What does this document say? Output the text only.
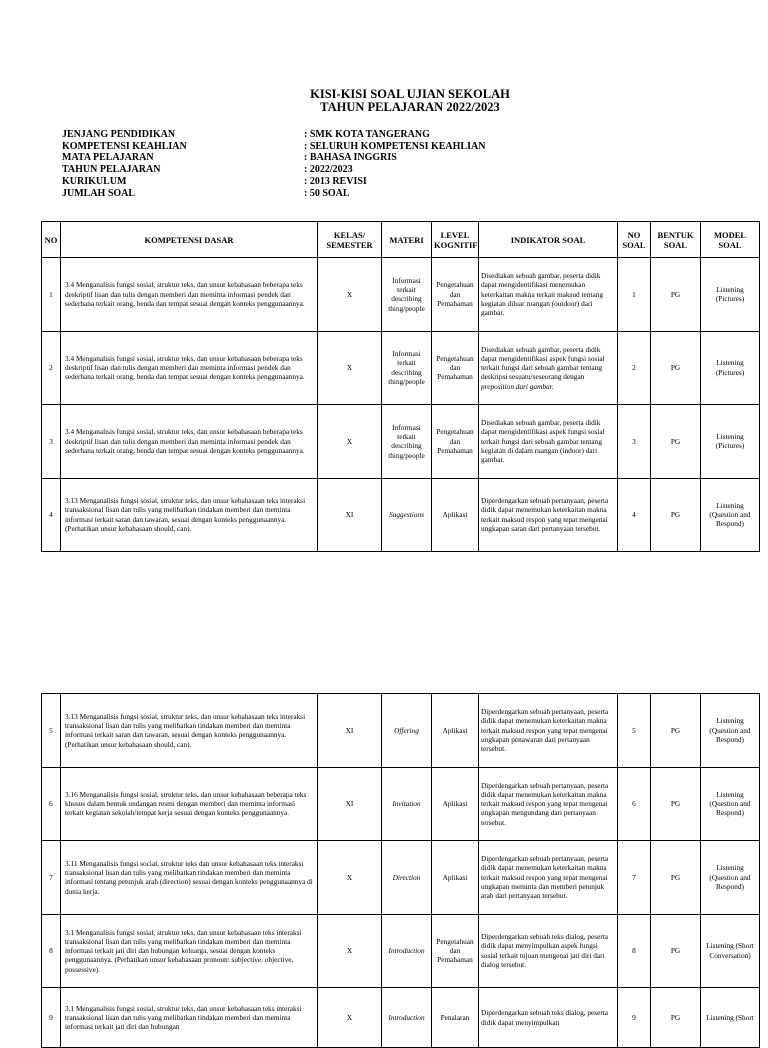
KISI-KISI SOAL UJIAN SEKOLAH
TAHUN PELAJARAN 2022/2023
JENJANG PENDIDIKAN	: SMK KOTA TANGERANG
KOMPETENSI KEAHLIAN	: SELURUH KOMPETENSI KEAHLIAN
MATA PELAJARAN	: BAHASA INGGRIS
TAHUN PELAJARAN	: 2022/2023
KURIKULUM	: 2013 REVISI
JUMLAH SOAL	: 50 SOAL
NO	KOMPETENSI DASAR	KELAS/ SEMESTER	MATERI	LEVEL KOGNITIF	INDIKATOR SOAL	NO SOAL	BENTUK SOAL	MODEL SOAL
1	3.4 Menganalisis fungsi sosial, struktur teks, dan unsur kebahasaan beberapa teks deskriptif lisan dan tulis dengan memberi dan meminta informasi pendek dan sederhana terkait orang, benda dan tempat sesuai dengan konteks penggunaannya.	X	Informasi terkait describing thing/people	Pengetahuan dan Pemahaman	Disediakan sebuah gambar, peserta didik dapat mengidentifikasi menemukan keterkaitan makna terkait maksud tentang kegiatan diluar ruangan (outdoor) dari gambar.	1	PG	Listening (Pictures)
2	3.4 Menganalisis fungsi sosial, struktur teks, dan unsur kebahasaan beberapa teks deskriptif lisan dan tulis dengan memberi dan meminta informasi pendek dan sederhana terkait orang, benda dan tempat sesuai dengan konteks penggunaannya.	X	Informasi terkait describing thing/people	Pengetahuan dan Pemahaman	Disediakan sebuah gambar, peserta didik dapat mengidentifikasi aspek fungsi sosial terkait fungsi dari sebuah gambar tentang deskripsi sesuatu/seseorang dengan preposition dari gambar.	2	PG	Listening (Pictures)
3	3.4 Menganalisis fungsi sosial, struktur teks, dan unsur kebahasaan beberapa teks deskriptif lisan dan tulis dengan memberi dan meminta informasi pendek dan sederhana terkait orang, benda dan tempat sesuai dengan konteks penggunaannya.	X	Informasi terkait describing thing/people	Pengetahuan dan Pemahaman	Disediakan sebuah gambar, peserta didik dapat mengidentifikasi aspek fungsi sosial terkait fungsi dari sebuah gambar tentang kegiatan di dalam ruangan (indoor) dari gambar.	3	PG	Listening (Pictures)
4	3.13 Menganalisis fungsi sosial, struktur teks, dan unsur kebahasaan teks interaksi transaksional lisan dan tulis yang melibatkan tindakan memberi dan meminta informasi terkait saran dan tawaran, sesuai dengan konteks penggunaannya. (Perhatikan unsur kebahasaan should, can).	XI	Suggestions	Aplikasi	Diperdengarkan sebuah pertanyaan, peserta didik dapat menemukan keterkaitan makna terkait maksud respon yang tepat mengenai ungkapan saran dari pertanyaan tersebut.	4	PG	Listening (Question and Respond)
5	3.13 Menganalisis fungsi sosial, struktur teks, dan unsur kebahasaan teks interaksi transaksional lisan dan tulis yang melibatkan tindakan memberi dan meminta informasi terkait saran dan tawaran, sesuai dengan konteks penggunaannya. (Perhatikan unsur kebahasaan should, can).	XI	Offering	Aplikasi	Diperdengarkan sebuah pertanyaan, peserta didik dapat menemukan keterkaitan makna terkait maksud respon yang tepat mengenai ungkapan penawaran dari pertanyaan tersebut.	5	PG	Listening (Question and Respond)
6	3.16 Menganalisis fungsi sosial, struktur teks, dan unsur kebahasaan beberapa teks khusus dalam bentuk undangan resmi dengan memberi dan meminta informasi terkait kegiatan sekolah/tempat kerja sesuai dengan konteks penggunaannya.	XI	Invitation	Aplikasi	Diperdengarkan sebuah pertanyaan, peserta didik dapat menemukan keterkaitan makna terkait maksud respon yang tepat mengenai ungkapan mengundang dari pertanyaan tersebut.	6	PG	Listening (Question and Respond)
7	3.11 Menganalisis fungsi social, struktur teks dan unsur kebahasaan teks interaksi transaksional lisan dan tulis yang melibatkan tindakan memberi dan meminta informasi tentang petunjuk arah (direction) sesuai dengan konteks penggunaannya di dunia kerja.	X	Direction	Aplikasi	Diperdengarkan sebuah pertanyaan, peserta didik dapat menemukan keterkaitan makna terkait maksud respon yang tepat mengenai ungkapan meminta dan memberi petunjuk arah dari pertanyaan tersebut.	7	PG	Listening (Question and Respond)
8	3.1 Menganalisis fungsi sosial, struktur teks, dan unsur kebahasaan teks interaksi transaksional lisan dan tulis yang melibatkan tindakan memberi dan meminta informasi terkait jati diri dan hubungan keluarga, sesuai dengan konteks penggunaannya. (Perhatikan unsur kebahasaan pronoun: subjective, objective, possessive).	X	Introduction	Pengetahuan dan Pemahaman	Diperdengarkan sebuah teks dialog, peserta didik dapat menyimpulkan aspek fungsi sosial terkait tujuan mengenai jati diri dari dialog tersebut.	8	PG	Listening (Short Conversation)
9	3.1 Menganalisis fungsi sosial, struktur teks, dan unsur kebahasaan teks interaksi transaksional lisan dan tulis yang melibatkan tindakan memberi dan meminta informasi terkait jati diri dan hubungan	X	Introduction	Penalaran	Diperdengarkan sebuah teks dialog, peserta didik dapat menyimpulkan	9	PG	Listening (Short
